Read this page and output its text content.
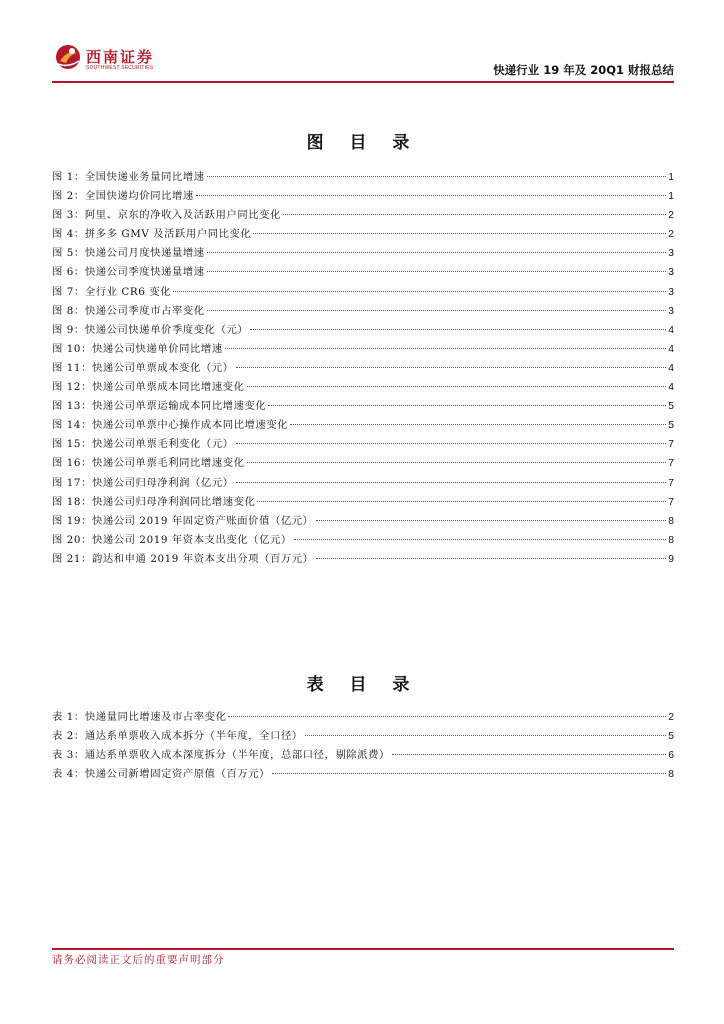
西南证券
SOUTHWEST SECURITIES	快递行业 19 年及 20Q1 财报总结
图 目 录
图 1：全国快递业务量同比增速	1
图 2：全国快递均价同比增速	1
图 3：阿里、京东的净收入及活跃用户同比变化	2
图 4：拼多多 GMV 及活跃用户同比变化	2
图 5：快递公司月度快递量增速	3
图 6：快递公司季度快递量增速	3
图 7：全行业 CR6 变化	3
图 8：快递公司季度市占率变化	3
图 9：快递公司快递单价季度变化（元）	4
图 10：快递公司快递单价同比增速	4
图 11：快递公司单票成本变化（元）	4
图 12：快递公司单票成本同比增速变化	4
图 13：快递公司单票运输成本同比增速变化	5
图 14：快递公司单票中心操作成本同比增速变化	5
图 15：快递公司单票毛利变化（元）	7
图 16：快递公司单票毛利同比增速变化	7
图 17：快递公司归母净利润（亿元）	7
图 18：快递公司归母净利润同比增速变化	7
图 19：快递公司 2019 年固定资产账面价值（亿元）	8
图 20：快递公司 2019 年资本支出变化（亿元）	8
图 21：韵达和申通 2019 年资本支出分项（百万元）	9
表 目 录
表 1：快递量同比增速及市占率变化	2
表 2：通达系单票收入成本拆分（半年度，全口径）	5
表 3：通达系单票收入成本深度拆分（半年度，总部口径，剔除派费）	6
表 4：快递公司新增固定资产原值（百万元）	8
请务必阅读正文后的重要声明部分
